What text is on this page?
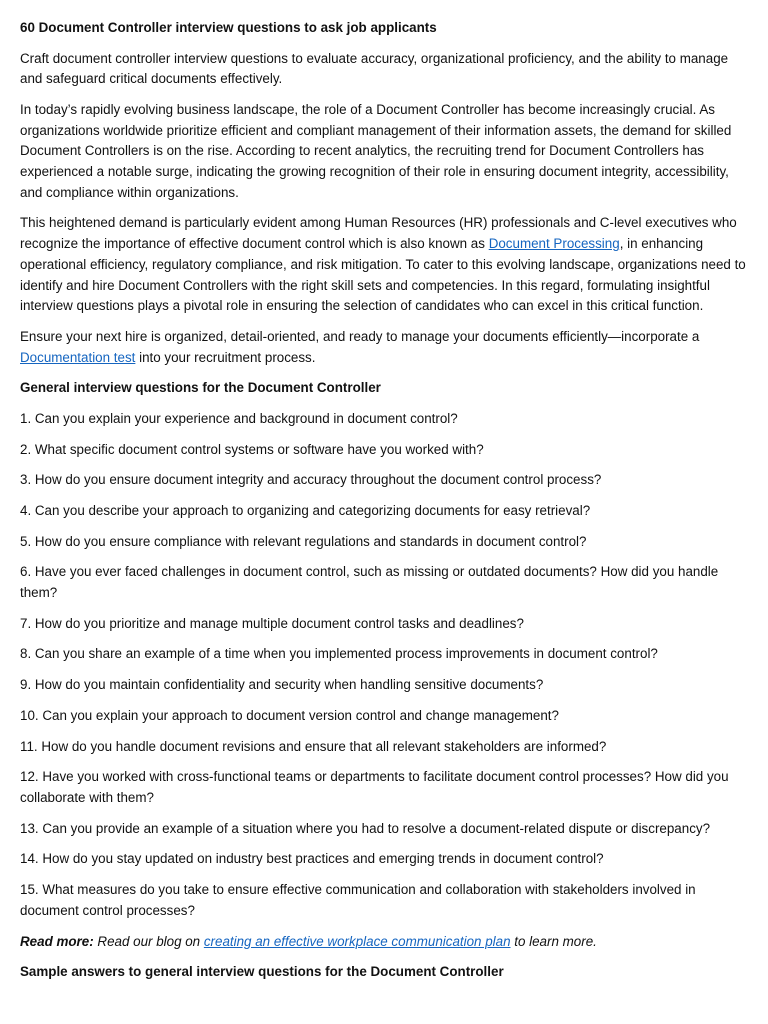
60 Document Controller interview questions to ask job applicants

Craft document controller interview questions to evaluate accuracy, organizational proficiency, and the ability to manage and safeguard critical documents effectively.

In today’s rapidly evolving business landscape, the role of a Document Controller has become increasingly crucial. As organizations worldwide prioritize efficient and compliant management of their information assets, the demand for skilled Document Controllers is on the rise. According to recent analytics, the recruiting trend for Document Controllers has experienced a notable surge, indicating the growing recognition of their role in ensuring document integrity, accessibility, and compliance within organizations.

This heightened demand is particularly evident among Human Resources (HR) professionals and C-level executives who recognize the importance of effective document control which is also known as Document Processing, in enhancing operational efficiency, regulatory compliance, and risk mitigation. To cater to this evolving landscape, organizations need to identify and hire Document Controllers with the right skill sets and competencies. In this regard, formulating insightful interview questions plays a pivotal role in ensuring the selection of candidates who can excel in this critical function.

Ensure your next hire is organized, detail-oriented, and ready to manage your documents efficiently—incorporate a Documentation test into your recruitment process.

General interview questions for the Document Controller

1. Can you explain your experience and background in document control?

2. What specific document control systems or software have you worked with?

3. How do you ensure document integrity and accuracy throughout the document control process?

4. Can you describe your approach to organizing and categorizing documents for easy retrieval?

5. How do you ensure compliance with relevant regulations and standards in document control?

6. Have you ever faced challenges in document control, such as missing or outdated documents? How did you handle them?

7. How do you prioritize and manage multiple document control tasks and deadlines?

8. Can you share an example of a time when you implemented process improvements in document control?

9. How do you maintain confidentiality and security when handling sensitive documents?

10. Can you explain your approach to document version control and change management?

11. How do you handle document revisions and ensure that all relevant stakeholders are informed?

12. Have you worked with cross-functional teams or departments to facilitate document control processes? How did you collaborate with them?

13. Can you provide an example of a situation where you had to resolve a document-related dispute or discrepancy?

14. How do you stay updated on industry best practices and emerging trends in document control?

15. What measures do you take to ensure effective communication and collaboration with stakeholders involved in document control processes?

Read more: Read our blog on creating an effective workplace communication plan to learn more.

Sample answers to general interview questions for the Document Controller
